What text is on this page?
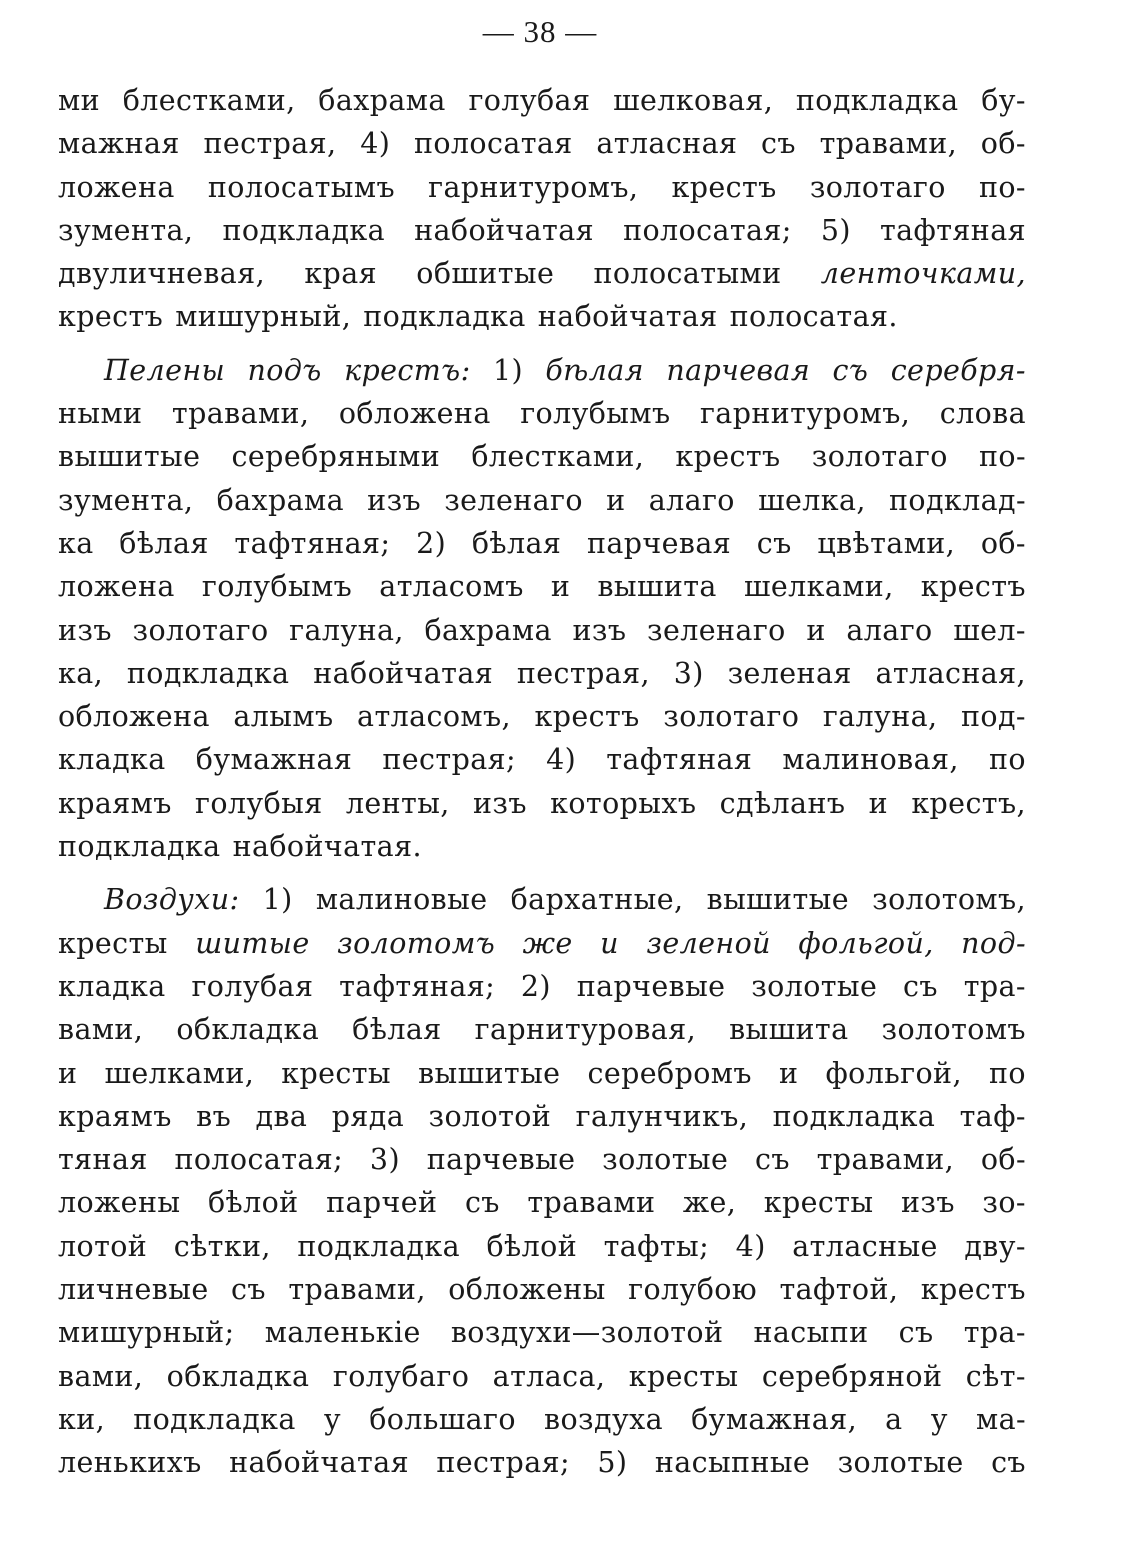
— 38 —
ми блестками, бахрама голубая шелковая, подкладка бу-
мажная пестрая, 4) полосатая атласная съ травами, об-
ложена полосатымъ гарнитуромъ, крестъ золотаго по-
зумента, подкладка набойчатая полосатая; 5) тафтяная
двуличневая, края обшитые полосатыми ленточками,
крестъ мишурный, подкладка набойчатая полосатая.
Пелены подъ крестъ: 1) бѣлая парчевая съ серебря-
ными травами, обложена голубымъ гарнитуромъ, слова
вышитые серебряными блестками, крестъ золотаго по-
зумента, бахрама изъ зеленаго и алаго шелка, подклад-
ка бѣлая тафтяная; 2) бѣлая парчевая съ цвѣтами, об-
ложена голубымъ атласомъ и вышита шелками, крестъ
изъ золотаго галуна, бахрама изъ зеленаго и алаго шел-
ка, подкладка набойчатая пестрая, 3) зеленая атласная,
обложена алымъ атласомъ, крестъ золотаго галуна, под-
кладка бумажная пестрая; 4) тафтяная малиновая, по
краямъ голубыя ленты, изъ которыхъ сдѣланъ и крестъ,
подкладка набойчатая.
Воздухи: 1) малиновые бархатные, вышитые золотомъ,
кресты шитые золотомъ же и зеленой фольгой, под-
кладка голубая тафтяная; 2) парчевые золотые съ тра-
вами, обкладка бѣлая гарнитуровая, вышита золотомъ
и шелками, кресты вышитые серебромъ и фольгой, по
краямъ въ два ряда золотой галунчикъ, подкладка таф-
тяная полосатая; 3) парчевые золотые съ травами, об-
ложены бѣлой парчей съ травами же, кресты изъ зо-
лотой сѣтки, подкладка бѣлой тафты; 4) атласные дву-
личневые съ травами, обложены голубою тафтой, крестъ
мишурный; маленькіе воздухи—золотой насыпи съ тра-
вами, обкладка голубаго атласа, кресты серебряной сѣт-
ки, подкладка у большаго воздуха бумажная, а у ма-
ленькихъ набойчатая пестрая; 5) насыпные золотые съ
